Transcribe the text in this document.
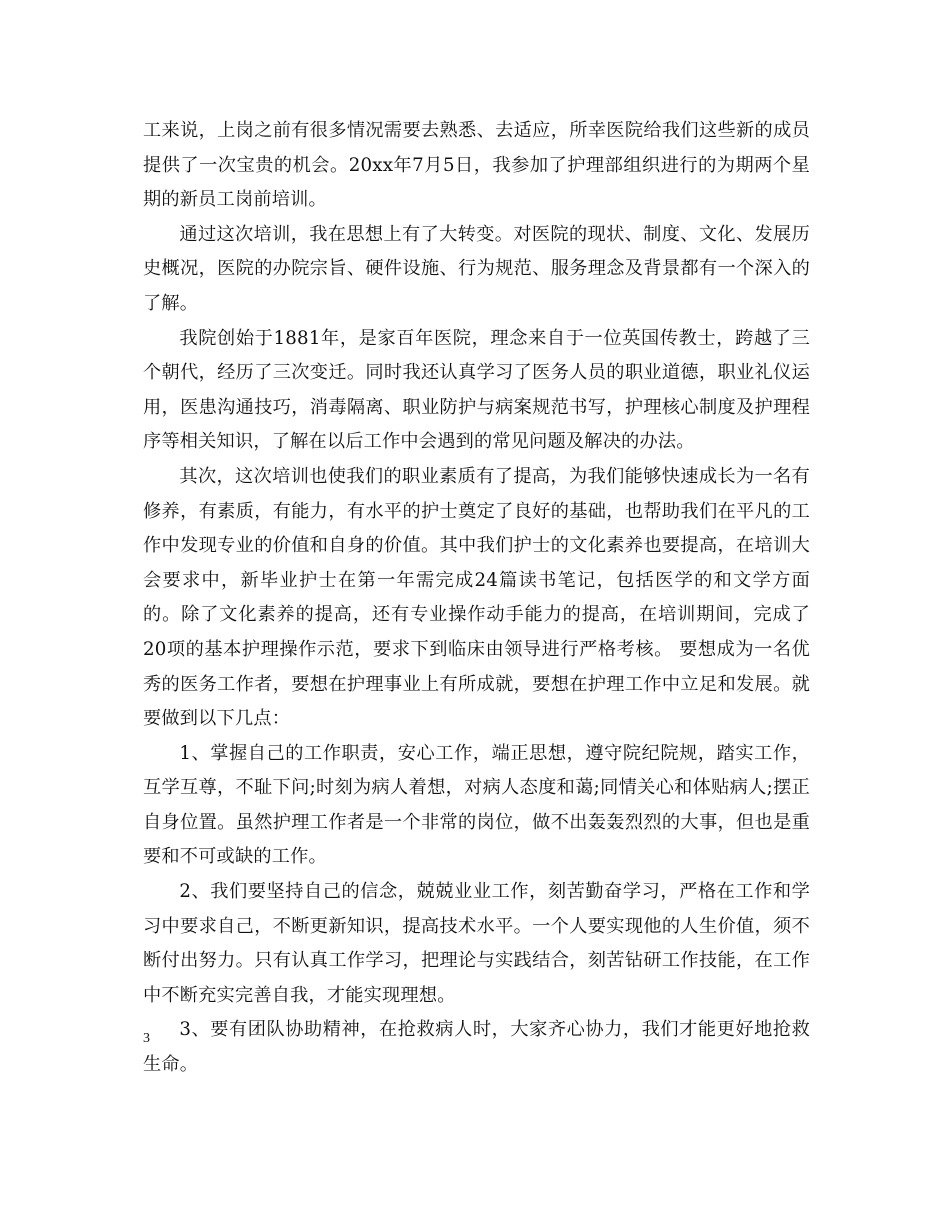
工来说，上岗之前有很多情况需要去熟悉、去适应，所幸医院给我们这些新的成员提供了一次宝贵的机会。20xx年7月5日，我参加了护理部组织进行的为期两个星期的新员工岗前培训。

通过这次培训，我在思想上有了大转变。对医院的现状、制度、文化、发展历史概况，医院的办院宗旨、硬件设施、行为规范、服务理念及背景都有一个深入的了解。

我院创始于1881年，是家百年医院，理念来自于一位英国传教士，跨越了三个朝代，经历了三次变迁。同时我还认真学习了医务人员的职业道德，职业礼仪运用，医患沟通技巧，消毒隔离、职业防护与病案规范书写，护理核心制度及护理程序等相关知识，了解在以后工作中会遇到的常见问题及解决的办法。

其次，这次培训也使我们的职业素质有了提高，为我们能够快速成长为一名有修养，有素质，有能力，有水平的护士奠定了良好的基础，也帮助我们在平凡的工作中发现专业的价值和自身的价值。其中我们护士的文化素养也要提高，在培训大会要求中，新毕业护士在第一年需完成24篇读书笔记，包括医学的和文学方面的。除了文化素养的提高，还有专业操作动手能力的提高，在培训期间，完成了20项的基本护理操作示范，要求下到临床由领导进行严格考核。 要想成为一名优秀的医务工作者，要想在护理事业上有所成就，要想在护理工作中立足和发展。就要做到以下几点：

1、掌握自己的工作职责，安心工作，端正思想，遵守院纪院规，踏实工作，互学互尊，不耻下问;时刻为病人着想，对病人态度和蔼;同情关心和体贴病人;摆正自身位置。虽然护理工作者是一个非常的岗位，做不出轰轰烈烈的大事，但也是重要和不可或缺的工作。

2、我们要坚持自己的信念，兢兢业业工作，刻苦勤奋学习，严格在工作和学习中要求自己，不断更新知识，提高技术水平。一个人要实现他的人生价值，须不断付出努力。只有认真工作学习，把理论与实践结合，刻苦钻研工作技能，在工作中不断充实完善自我，才能实现理想。

3、要有团队协助精神，在抢救病人时，大家齐心协力，我们才能更好地抢救生命。

3
